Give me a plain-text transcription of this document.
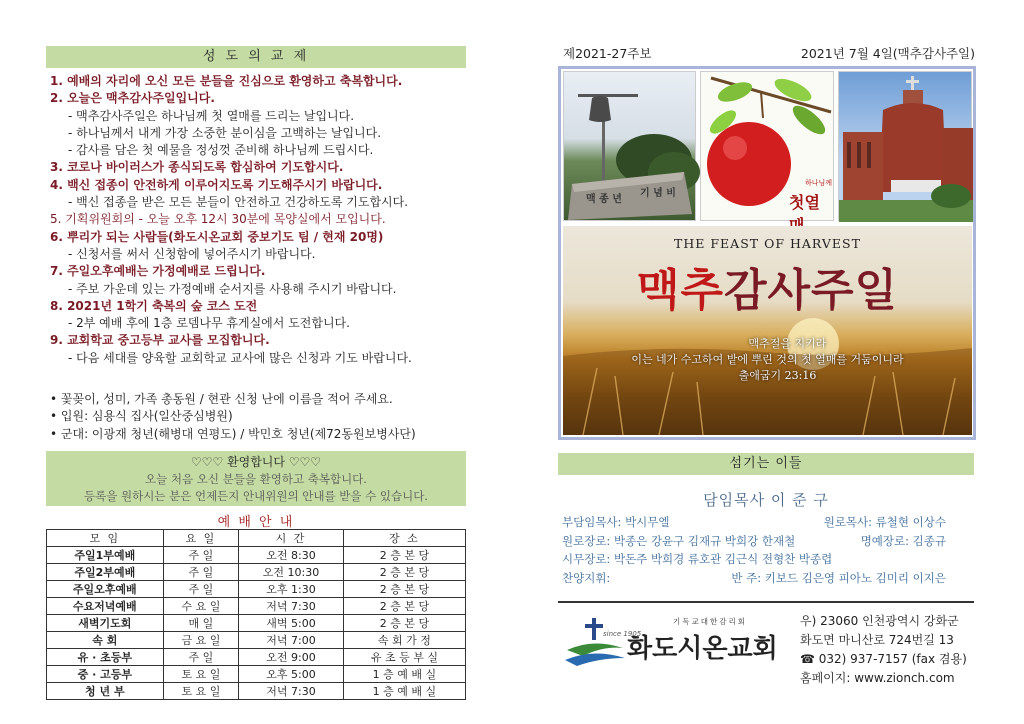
성 도 의 교 제
1. 예배의 자리에 오신 모든 분들을 진심으로 환영하고 축복합니다.
2. 오늘은 맥추감사주일입니다.
- 맥추감사주일은 하나님께 첫 열매를 드리는 날입니다.
- 하나님께서 내게 가장 소중한 분이심을 고백하는 날입니다.
- 감사를 담은 첫 예물을 정성껏 준비해 하나님께 드립시다.
3. 코로나 바이러스가 종식되도록 합심하여 기도합시다.
4. 백신 접종이 안전하게 이루어지도록 기도해주시기 바랍니다.
- 백신 접종을 받은 모든 분들이 안전하고 건강하도록 기도합시다.
5. 기획위원회의 - 오늘 오후 12시 30분에 목양실에서 모입니다.
6. 뿌리가 되는 사람들(화도시온교회 중보기도 팀 / 현재 20명)
- 신청서를 써서 신청함에 넣어주시기 바랍니다.
7. 주일오후예배는 가정예배로 드립니다.
- 주보 가운데 있는 가정예배 순서지를 사용해 주시기 바랍니다.
8. 2021년 1학기 축복의 숲 코스 도전
- 2부 예배 후에 1층 로뎀나무 휴게실에서 도전합니다.
9. 교회학교 중고등부 교사를 모집합니다.
- 다음 세대를 양육할 교회학교 교사에 많은 신청과 기도 바랍니다.
• 꽃꽂이, 성미, 가족 총동원 / 현관 신청 난에 이름을 적어 주세요.
• 입원: 심용식 집사(일산중심병원)
• 군대: 이광재 청년(해병대 연평도) / 박민호 청년(제72동원보병사단)
♡♡♡ 환영합니다 ♡♡♡
오늘 처음 오신 분들을 환영하고 축복합니다.
등록을 원하시는 분은 언제든지 안내위원의 안내를 받을 수 있습니다.
예 배 안 내
모 임	요 일	시 간	장 소
주일1부예배	주 일	오전 8:30	2 층 본 당
주일2부예배	주 일	오전 10:30	2 층 본 당
주일오후예배	주 일	오후 1:30	2 층 본 당
수요저녁예배	수 요 일	저녁 7:30	2 층 본 당
새벽기도회	매 일	새벽 5:00	2 층 본 당
속 회	금 요 일	저녁 7:00	속 회 가 정
유 · 초등부	주 일	오전 9:00	유 초 등 부 실
중 · 고등부	토 요 일	오후 5:00	1 층 예 배 실
청 년 부	토 요 일	저녁 7:30	1 층 예 배 실
제2021-27주보	2021년 7월 4일(맥추감사주일)
맥 종 년
기 념 비
하나님께
첫열
THE FEAST OF HARVEST
맥추감사주일
맥추절을 지키라
이는 네가 수고하여 밭에 뿌린 것의 첫 열매를 거둠이니라
출애굽기 23:16
섬기는 이들
담임목사 이 준 구
부담임목사: 박시무엘	원로목사: 류철현 이상수
원로장로: 박종은 강윤구 김재규 박희강 한재철	명예장로: 김종규
시무장로: 박돈주 박희경 류호관 김근식 전형찬 박종렵
찬양지휘:	반 주: 키보드 김은영 피아노 김미리 이지은
기독교대한감리회
since 1905
화도시온교회
우) 23060 인천광역시 강화군
화도면 마니산로 724번길 13
☎ 032) 937-7157 (fax 겸용)
홈페이지: www.zionch.com
